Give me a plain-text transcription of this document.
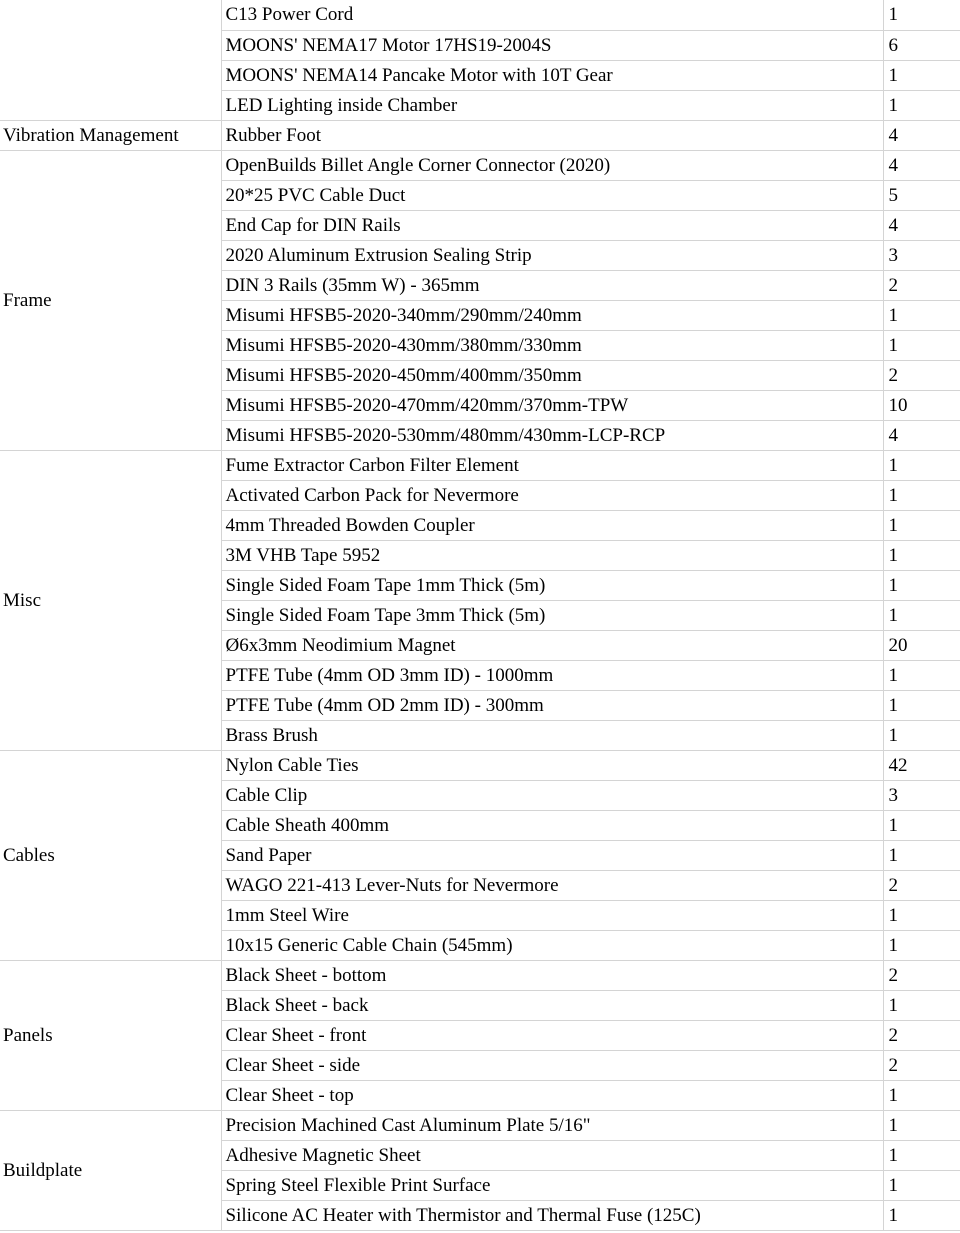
	C13 Power Cord	1
	MOONS' NEMA17 Motor 17HS19-2004S	6
	MOONS' NEMA14 Pancake Motor with 10T Gear	1
	LED Lighting inside Chamber	1
Vibration Management	Rubber Foot	4
Frame	OpenBuilds Billet Angle Corner Connector (2020)	4
	20*25 PVC Cable Duct	5
	End Cap for DIN Rails	4
	2020 Aluminum Extrusion Sealing Strip	3
	DIN 3 Rails (35mm W) - 365mm	2
	Misumi HFSB5-2020-340mm/290mm/240mm	1
	Misumi HFSB5-2020-430mm/380mm/330mm	1
	Misumi HFSB5-2020-450mm/400mm/350mm	2
	Misumi HFSB5-2020-470mm/420mm/370mm-TPW	10
	Misumi HFSB5-2020-530mm/480mm/430mm-LCP-RCP	4
Misc	Fume Extractor Carbon Filter Element	1
	Activated Carbon Pack for Nevermore	1
	4mm Threaded Bowden Coupler	1
	3M VHB Tape 5952	1
	Single Sided Foam Tape 1mm Thick (5m)	1
	Single Sided Foam Tape 3mm Thick (5m)	1
	Ø6x3mm Neodimium Magnet	20
	PTFE Tube (4mm OD 3mm ID) - 1000mm	1
	PTFE Tube (4mm OD 2mm ID) - 300mm	1
	Brass Brush	1
Cables	Nylon Cable Ties	42
	Cable Clip	3
	Cable Sheath 400mm	1
	Sand Paper	1
	WAGO 221-413 Lever-Nuts for Nevermore	2
	1mm Steel Wire	1
	10x15 Generic Cable Chain (545mm)	1
Panels	Black Sheet - bottom	2
	Black Sheet - back	1
	Clear Sheet - front	2
	Clear Sheet - side	2
	Clear Sheet - top	1
Buildplate	Precision Machined Cast Aluminum Plate 5/16"	1
	Adhesive Magnetic Sheet	1
	Spring Steel Flexible Print Surface	1
	Silicone AC Heater with Thermistor and Thermal Fuse (125C)	1
